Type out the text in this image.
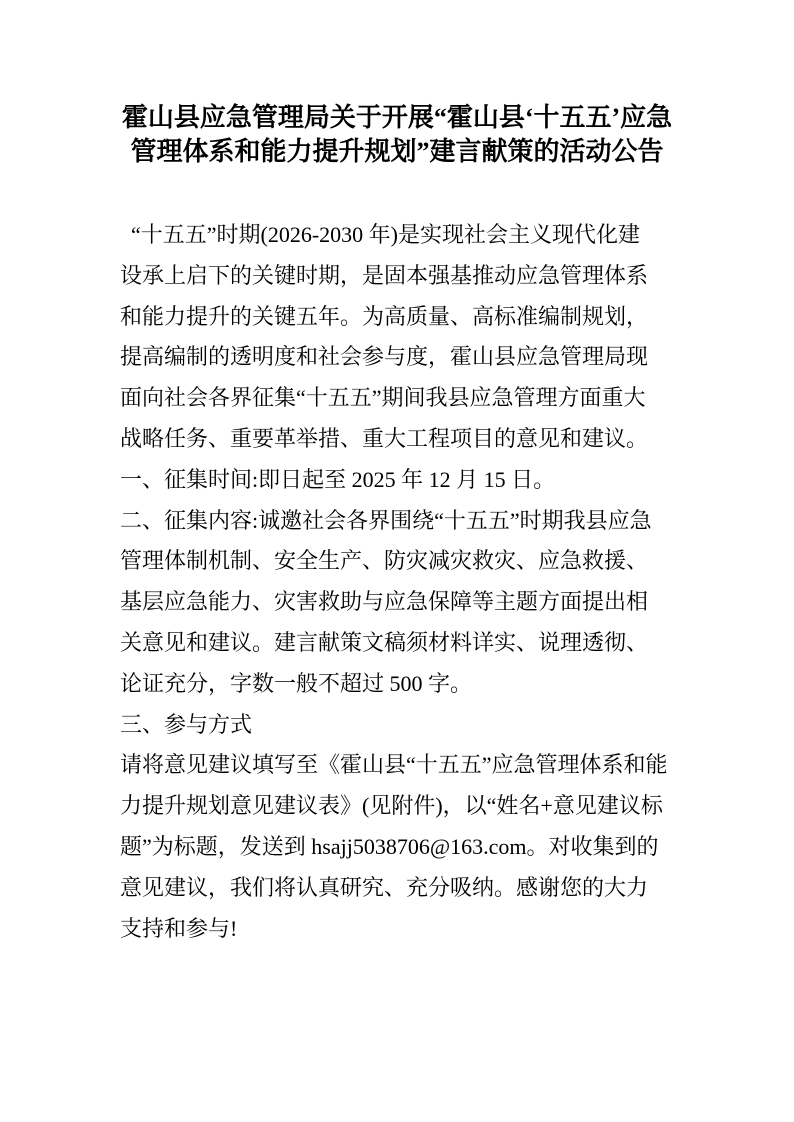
霍山县应急管理局关于开展“霍山县‘十五五’应急
管理体系和能力提升规划”建言献策的活动公告
“十五五”时期(2026-2030 年)是实现社会主义现代化建
设承上启下的关键时期，是固本强基推动应急管理体系
和能力提升的关键五年。为高质量、高标准编制规划，
提高编制的透明度和社会参与度，霍山县应急管理局现
面向社会各界征集“十五五”期间我县应急管理方面重大
战略任务、重要革举措、重大工程项目的意见和建议。
一、征集时间:即日起至 2025 年 12 月 15 日。
二、征集内容:诚邀社会各界围绕“十五五”时期我县应急
管理体制机制、安全生产、防灾减灾救灾、应急救援、
基层应急能力、灾害救助与应急保障等主题方面提出相
关意见和建议。建言献策文稿须材料详实、说理透彻、
论证充分，字数一般不超过 500 字。
三、参与方式
请将意见建议填写至《霍山县“十五五”应急管理体系和能
力提升规划意见建议表》(见附件)，以“姓名+意见建议标
题”为标题，发送到 hsajj5038706@163.com。对收集到的
意见建议，我们将认真研究、充分吸纳。感谢您的大力
支持和参与!
